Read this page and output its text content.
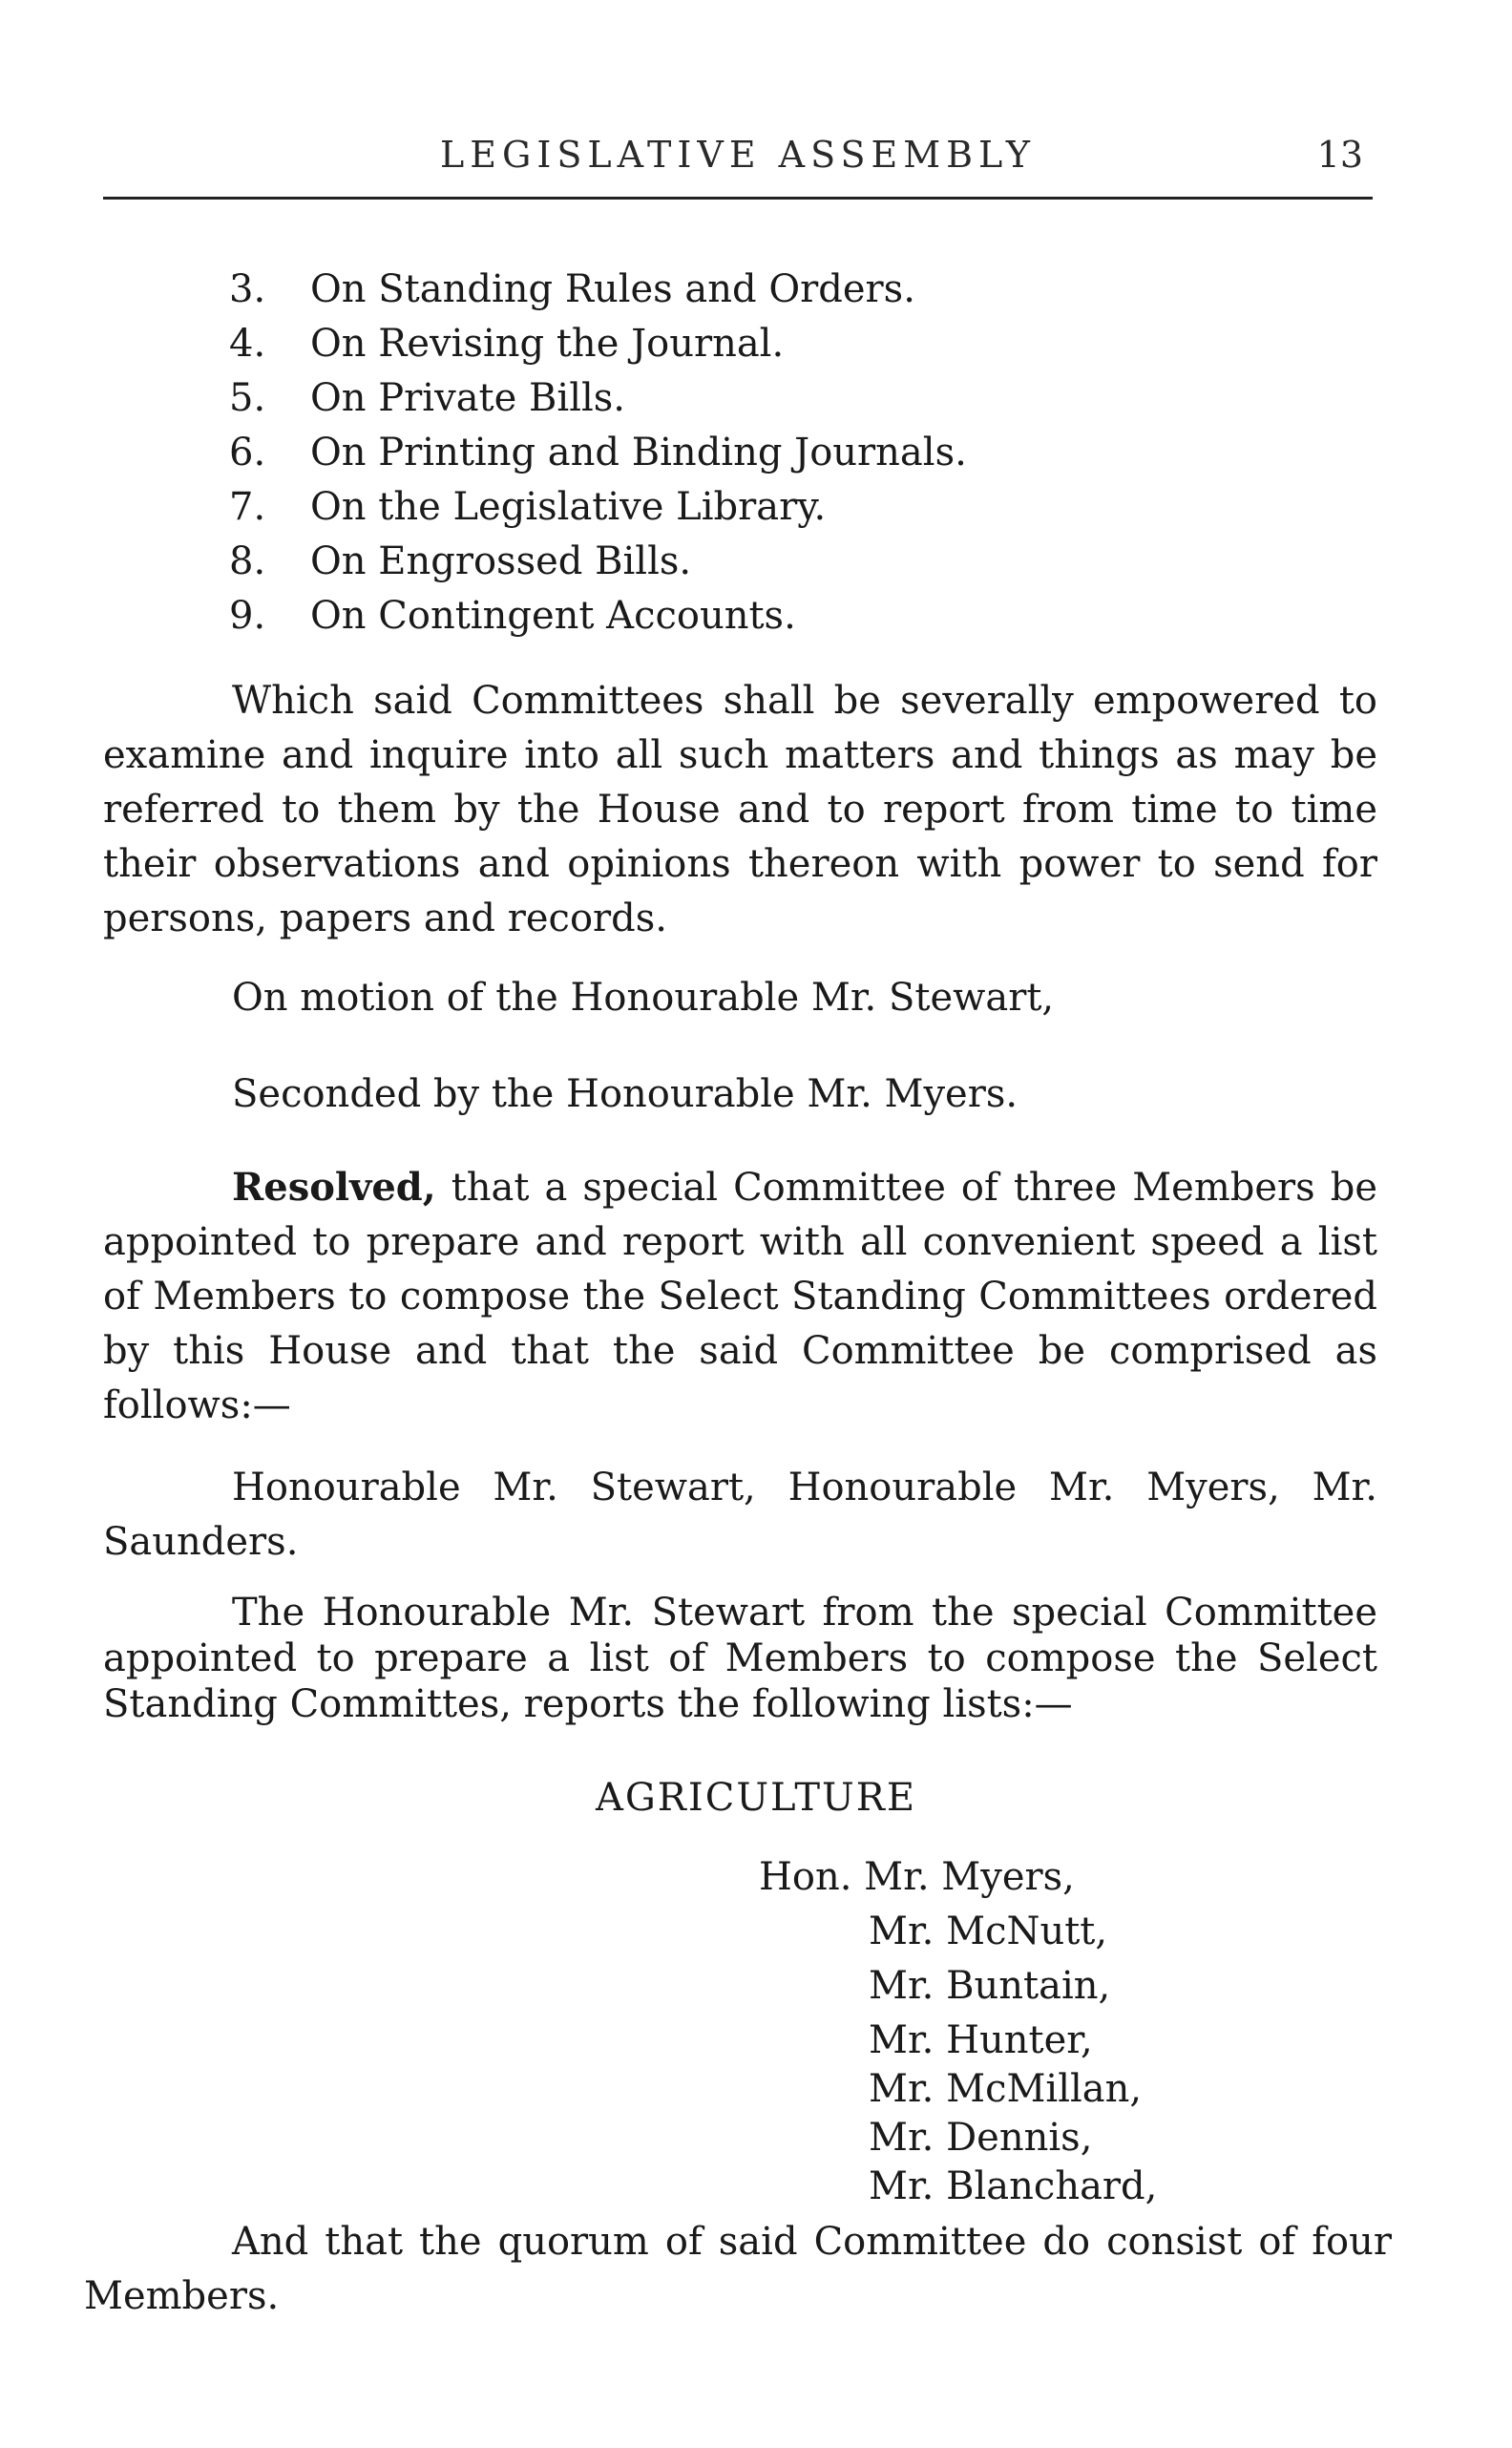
LEGISLATIVE ASSEMBLY	13
3. On Standing Rules and Orders.
4. On Revising the Journal.
5. On Private Bills.
6. On Printing and Binding Journals.
7. On the Legislative Library.
8. On Engrossed Bills.
9. On Contingent Accounts.

Which said Committees shall be severally empowered to examine and inquire into all such matters and things as may be referred to them by the House and to report from time to time their observations and opinions thereon with power to send for persons, papers and records.

On motion of the Honourable Mr. Stewart,

Seconded by the Honourable Mr. Myers.

Resolved, that a special Committee of three Members be appointed to prepare and report with all convenient speed a list of Members to compose the Select Standing Committees ordered by this House and that the said Committee be comprised as follows:—

Honourable Mr. Stewart, Honourable Mr. Myers, Mr. Saunders.

The Honourable Mr. Stewart from the special Committee appointed to prepare a list of Members to compose the Select Standing Committes, reports the following lists:—

AGRICULTURE
Hon. Mr. Myers,
Mr. McNutt,
Mr. Buntain,
Mr. Hunter,
Mr. McMillan,
Mr. Dennis,
Mr. Blanchard,

And that the quorum of said Committee do consist of four Members.
